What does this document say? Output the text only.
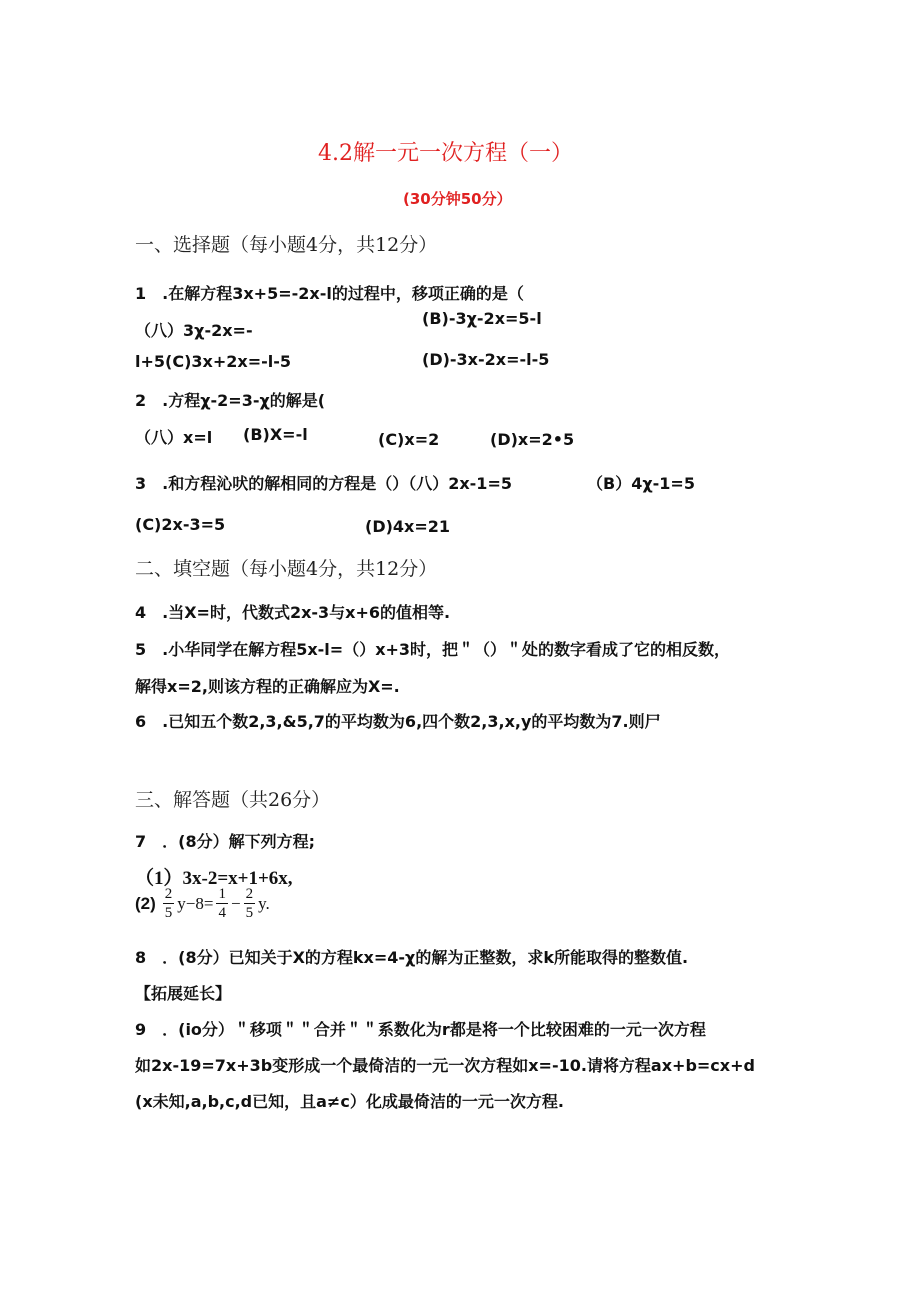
4.2解一元一次方程（一）
(30分钟50分）
一、选择题（每小题4分，共12分）
1　.在解方程3x+5=-2x-l的过程中，移项正确的是（
（八）3χ-2x=-
(B)-3χ-2x=5-l
l+5(C)3x+2x=-l-5	(D)-3x-2x=-l-5
2　.方程χ-2=3-χ的解是(
（八）x=l (B)X=-l	(C)x=2	(D)x=2•5
3　.和方程沁吠的解相同的方程是（）（八）2x-1=5	（B）4χ-1=5
(C)2x-3=5	(D)4x=21
二、填空题（每小题4分，共12分）
4　.当X=时，代数式2x-3与x+6的值相等.
5　.小华同学在解方程5x-l=（）x+3时，把＂（）＂处的数字看成了它的相反数，
解得x=2,则该方程的正确解应为X=.
6　.已知五个数2,3,&5,7的平均数为6,四个数2,3,x,y的平均数为7.则尸
三、解答题（共26分）
7　．(8分）解下列方程;
（1）3x-2=x+1+6x,
$(2) \frac{2}{5} y-8= \frac{1}{4} - \frac{2}{5} y$.
8　．(8分）已知关于X的方程kx=4-χ的解为正整数，求k所能取得的整数值.
【拓展延长】
9　．(io分）＂移项＂＂合并＂＂系数化为r都是将一个比较困难的一元一次方程
如2x-19=7x+3b变形成一个最倚洁的一元一次方程如x=-10.请将方程ax+b=cx+d
(x未知,a,b,c,d已知，且a≠c）化成最倚洁的一元一次方程.
